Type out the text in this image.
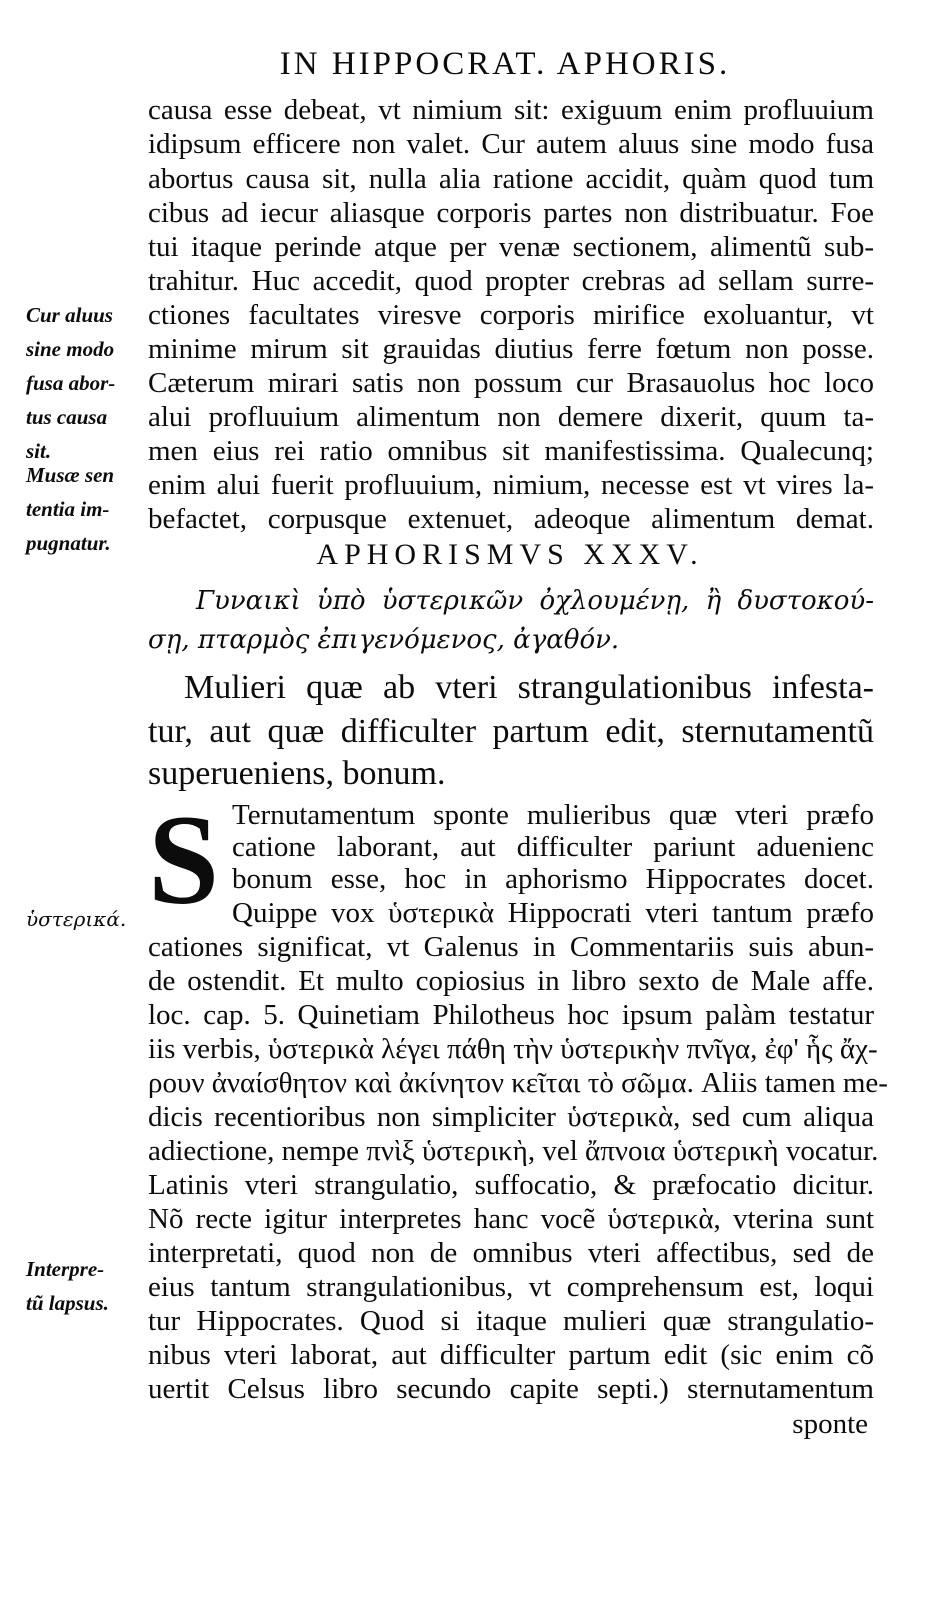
IN HIPPOCRAT. APHORIS.
causa esse debeat, vt nimium sit: exiguum enim profluuium
idipsum efficere non valet. Cur autem aluus sine modo fusa
abortus causa sit, nulla alia ratione accidit, quàm quod tum
cibus ad iecur aliasque corporis partes non distribuatur. Foe
tui itaque perinde atque per venæ sectionem, alimentũ sub-
trahitur. Huc accedit, quod propter crebras ad sellam surre-
ctiones facultates viresve corporis mirifice exoluantur, vt
minime mirum sit grauidas diutius ferre fœtum non posse.
Cæterum mirari satis non possum cur Brasauolus hoc loco
alui profluuium alimentum non demere dixerit, quum ta-
men eius rei ratio omnibus sit manifestissima. Qualecunq;
enim alui fuerit profluuium, nimium, necesse est vt vires la-
befactet, corpusque extenuet, adeoque alimentum demat.
APHORISMVS XXXV.
Γυναικὶ ὑπὸ ὑστερικῶν ὀχλουμένῃ, ἢ δυστοκού-
σῃ, πταρμὸς ἐπιγενόμενος, ἀγαθόν.
Mulieri quæ ab vteri strangulationibus infesta-
tur, aut quæ difficulter partum edit, sternutamentũ
superueniens, bonum.
S Ternutamentum sponte mulieribus quæ vteri præfo
catione laborant, aut difficulter pariunt aduenienc
bonum esse, hoc in aphorismo Hippocrates docet.
Quippe vox ὑστερικὰ Hippocrati vteri tantum præfo
cationes significat, vt Galenus in Commentariis suis abun-
de ostendit. Et multo copiosius in libro sexto de Male affe.
loc. cap. 5. Quinetiam Philotheus hoc ipsum palàm testatur
iis verbis, ὑστερικὰ λέγει πάθη τὴν ὑστερικὴν πνῖγα, ἐφ' ἧς ἄχ-
ρουν ἀναίσθητον καὶ ἀκίνητον κεῖται τὸ σῶμα. Aliis tamen me-
dicis recentioribus non simpliciter ὑστερικὰ, sed cum aliqua
adiectione, nempe πνὶξ ὑστερικὴ, vel ἄπνοια ὑστερικὴ vocatur.
Latinis vteri strangulatio, suffocatio, & præfocatio dicitur.
Nõ recte igitur interpretes hanc vocẽ ὑστερικὰ, vterina sunt
interpretati, quod non de omnibus vteri affectibus, sed de
eius tantum strangulationibus, vt comprehensum est, loqui
tur Hippocrates. Quod si itaque mulieri quæ strangulatio-
nibus vteri laborat, aut difficulter partum edit (sic enim cõ
uertit Celsus libro secundo capite septi.) sternutamentum
sponte
Cur aluus
sine modo
fusa abor-
tus causa
sit.
Musæ sen
tentia im-
pugnatur.
ὑστερικά.
Interpre-
tũ lapsus.
